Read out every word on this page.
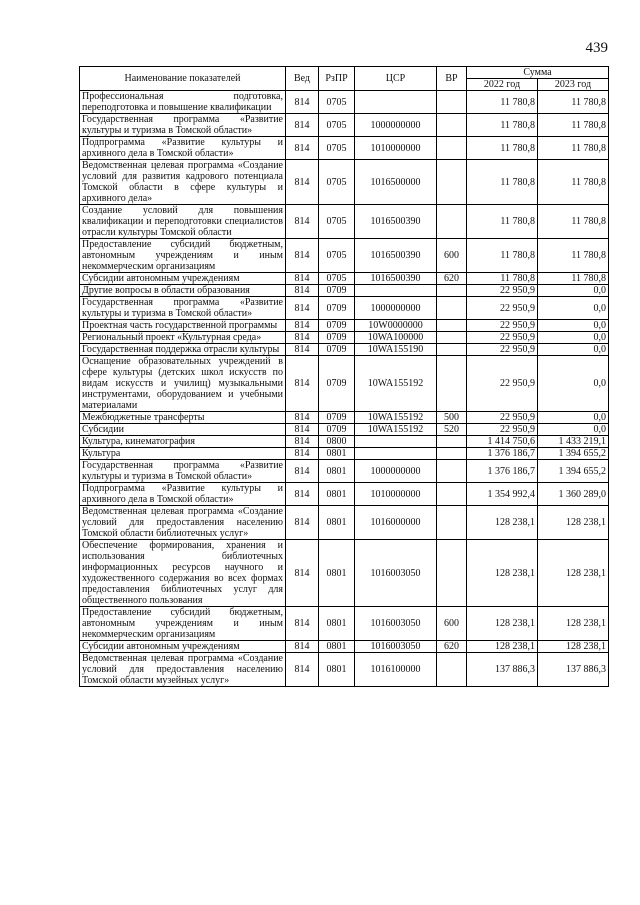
439
Наименование показателей	Вед	РзПР	ЦСР	ВР	Сумма	
					2022 год	2023 год
Профессиональная подготовка, переподготовка и повышение квалификации	814	0705			11 780,8	11 780,8
Государственная программа «Развитие культуры и туризма в Томской области»	814	0705	1000000000		11 780,8	11 780,8
Подпрограмма «Развитие культуры и архивного дела в Томской области»	814	0705	1010000000		11 780,8	11 780,8
Ведомственная целевая программа «Создание условий для развития кадрового потенциала Томской области в сфере культуры и архивного дела»	814	0705	1016500000		11 780,8	11 780,8
Создание условий для повышения квалификации и переподготовки специалистов отрасли культуры Томской области	814	0705	1016500390		11 780,8	11 780,8
Предоставление субсидий бюджетным, автономным учреждениям и иным некоммерческим организациям	814	0705	1016500390	600	11 780,8	11 780,8
Субсидии автономным учреждениям	814	0705	1016500390	620	11 780,8	11 780,8
Другие вопросы в области образования	814	0709			22 950,9	0,0
Государственная программа «Развитие культуры и туризма в Томской области»	814	0709	1000000000		22 950,9	0,0
Проектная часть государственной программы	814	0709	10W0000000		22 950,9	0,0
Региональный проект «Культурная среда»	814	0709	10WA100000		22 950,9	0,0
Государственная поддержка отрасли культуры	814	0709	10WA155190		22 950,9	0,0
Оснащение образовательных учреждений в сфере культуры (детских школ искусств по видам искусств и училищ) музыкальными инструментами, оборудованием и учебными материалами	814	0709	10WA155192		22 950,9	0,0
Межбюджетные трансферты	814	0709	10WA155192	500	22 950,9	0,0
Субсидии	814	0709	10WA155192	520	22 950,9	0,0
Культура, кинематография	814	0800			1 414 750,6	1 433 219,1
Культура	814	0801			1 376 186,7	1 394 655,2
Государственная программа «Развитие культуры и туризма в Томской области»	814	0801	1000000000		1 376 186,7	1 394 655,2
Подпрограмма «Развитие культуры и архивного дела в Томской области»	814	0801	1010000000		1 354 992,4	1 360 289,0
Ведомственная целевая программа «Создание условий для предоставления населению Томской области библиотечных услуг»	814	0801	1016000000		128 238,1	128 238,1
Обеспечение формирования, хранения и использования библиотечных информационных ресурсов научного и художественного содержания во всех формах предоставления библиотечных услуг для общественного пользования	814	0801	1016003050		128 238,1	128 238,1
Предоставление субсидий бюджетным, автономным учреждениям и иным некоммерческим организациям	814	0801	1016003050	600	128 238,1	128 238,1
Субсидии автономным учреждениям	814	0801	1016003050	620	128 238,1	128 238,1
Ведомственная целевая программа «Создание условий для предоставления населению Томской области музейных услуг»	814	0801	1016100000		137 886,3	137 886,3
